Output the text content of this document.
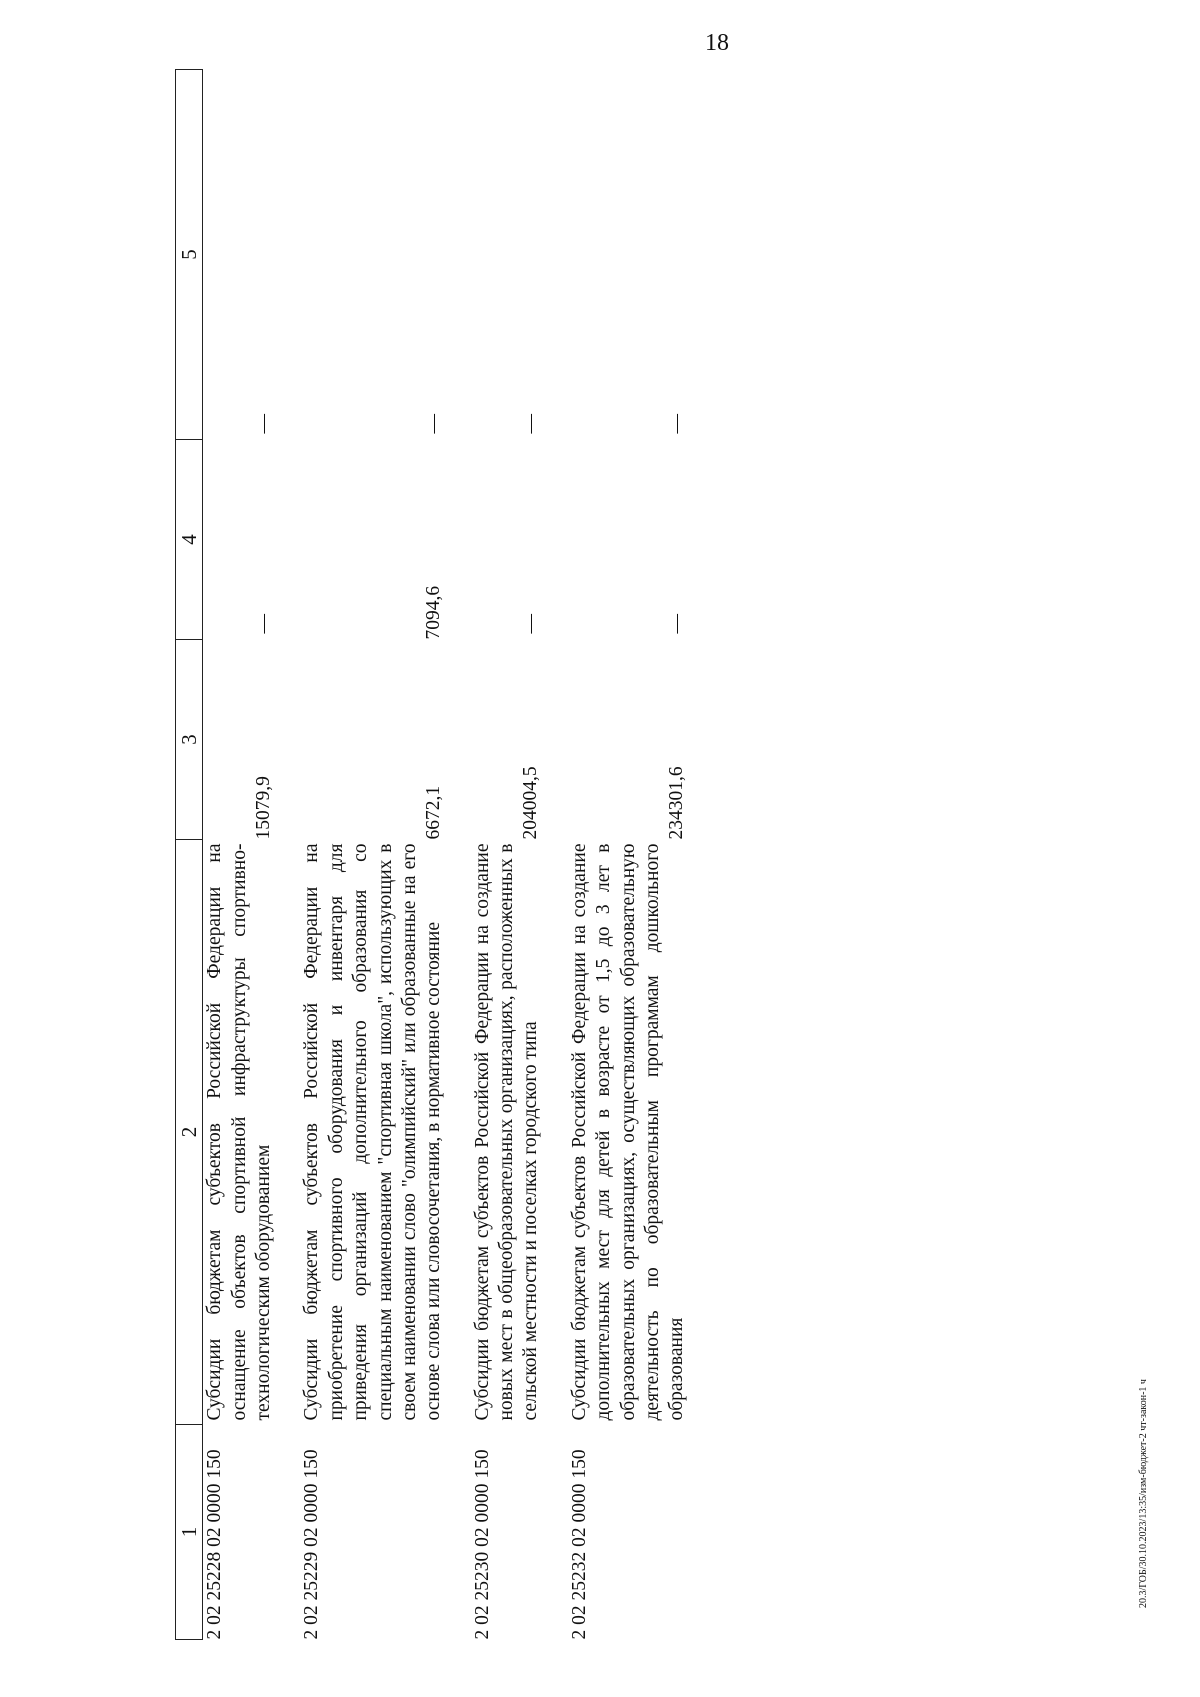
18
20.3/ГОБ/30.10.2023/13:35/изм-бюджет-2 чт-закон-1 ч
1	2	3	4	5
2 02 25228 02 0000 150	Субсидии бюджетам субъектов Российской Федерации на оснащение объектов спортивной инфраструктуры спортивно-технологическим оборудованием	15079,9	—	—
2 02 25229 02 0000 150	Субсидии бюджетам субъектов Российской Федерации на приобретение спортивного оборудования и инвентаря для приведения организаций дополнительного образования со специальным наименованием "спортивная школа", использующих в своем наименовании слово "олимпийский" или образованные на его основе слова или словосочетания, в нормативное состояние	6672,1	7094,6	—
2 02 25230 02 0000 150	Субсидии бюджетам субъектов Российской Федерации на создание новых мест в общеобразовательных организациях, расположенных в сельской местности и поселках городского типа	204004,5	—	—
2 02 25232 02 0000 150	Субсидии бюджетам субъектов Российской Федерации на создание дополнительных мест для детей в возрасте от 1,5 до 3 лет в образовательных организациях, осуществляющих образовательную деятельность по образовательным программам дошкольного образования	234301,6	—	—
